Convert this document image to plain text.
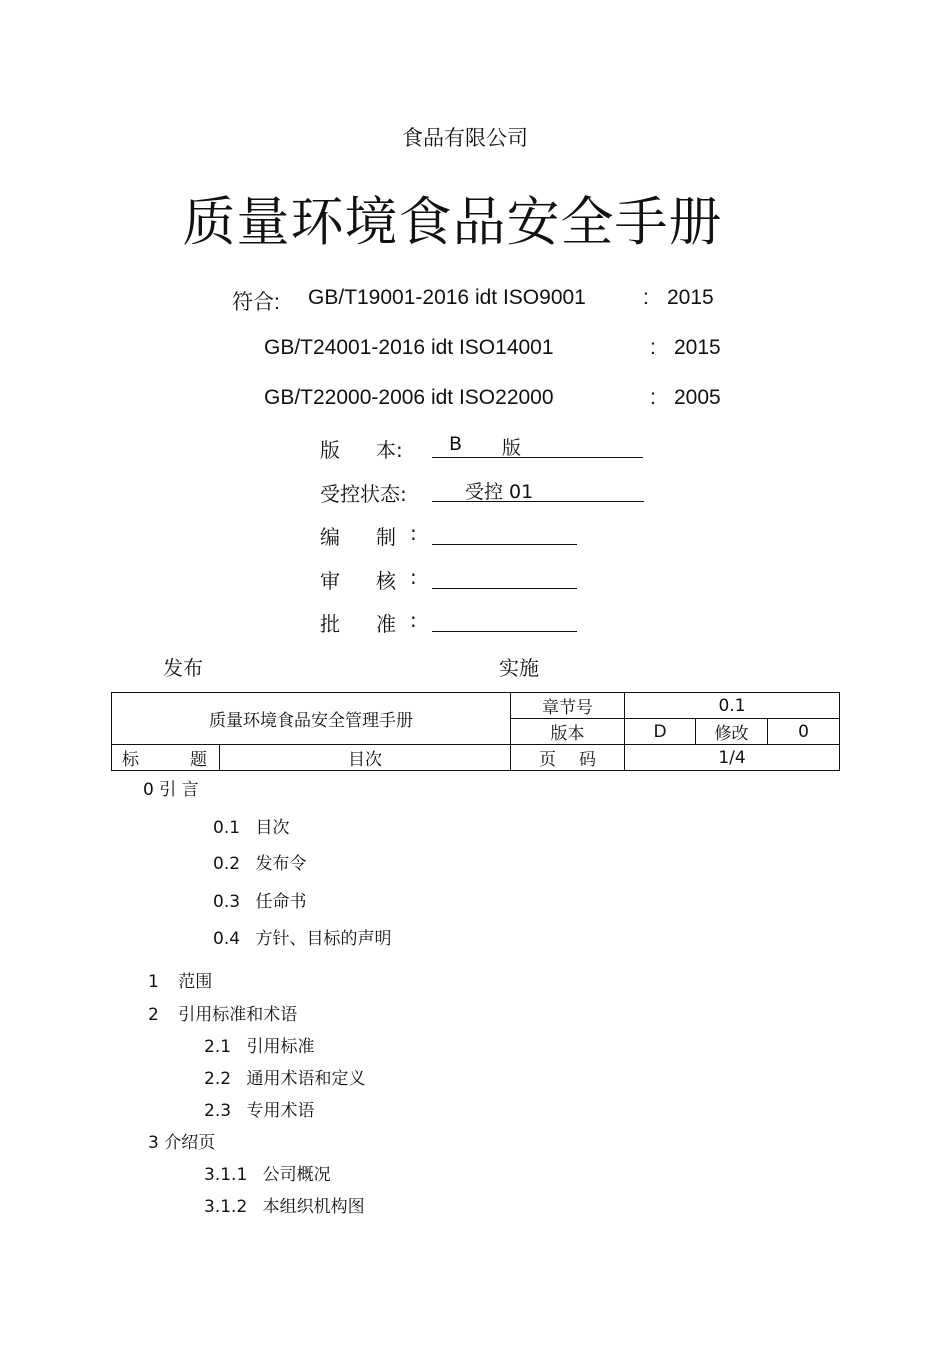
食品有限公司
质量环境食品安全手册
符合: GB/T19001-2016 idt ISO9001	: 2015
GB/T24001-2016 idt ISO14001	: 2015
GB/T22000-2006 idt ISO22000	: 2005
版 本: B 版
受控状态:	受控 01
编 制 :
审 核 :
批 准 :
发布	实施
质量环境食品安全管理手册		章节号	0.1		
		版本	D	修改	0

标 题	目次	页 码	1/4		
0 引 言
0.1 目次
0.2 发布令
0.3 任命书
0.4 方针、目标的声明
1 范围
2 引用标准和术语
2.1 引用标准
2.2 通用术语和定义
2.3 专用术语
3 介绍页
3.1.1 公司概况
3.1.2 本组织机构图
